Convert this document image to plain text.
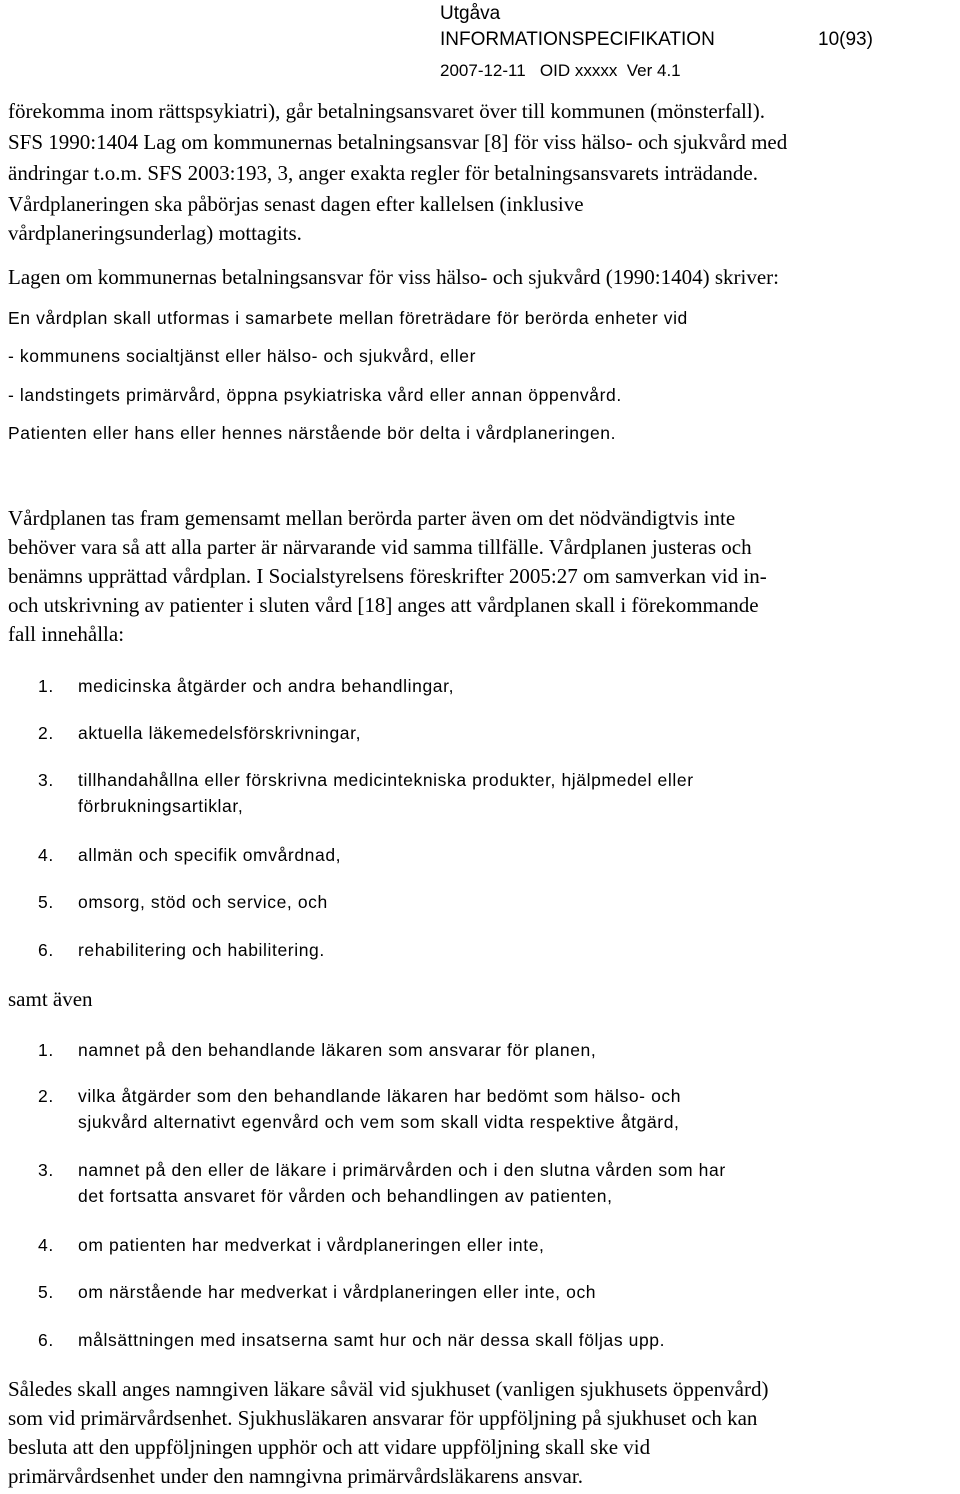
Utgåva
INFORMATIONSPECIFIKATION	10(93)
2007-12-11   OID xxxxx  Ver 4.1
förekomma inom rättspsykiatri), går betalningsansvaret över till kommunen (mönsterfall).
SFS 1990:1404 Lag om kommunernas betalningsansvar [8] för viss hälso- och sjukvård med
ändringar t.o.m. SFS 2003:193, 3, anger exakta regler för betalningsansvarets inträdande.
Vårdplaneringen ska påbörjas senast dagen efter kallelsen (inklusive
vårdplaneringsunderlag) mottagits.
Lagen om kommunernas betalningsansvar för viss hälso- och sjukvård (1990:1404) skriver:
En vårdplan skall utformas i samarbete mellan företrädare för berörda enheter vid
- kommunens socialtjänst eller hälso- och sjukvård, eller
- landstingets primärvård, öppna psykiatriska vård eller annan öppenvård.
Patienten eller hans eller hennes närstående bör delta i vårdplaneringen.
Vårdplanen tas fram gemensamt mellan berörda parter även om det nödvändigtvis inte
behöver vara så att alla parter är närvarande vid samma tillfälle. Vårdplanen justeras och
benämns upprättad vårdplan. I Socialstyrelsens föreskrifter 2005:27 om samverkan vid in-
och utskrivning av patienter i sluten vård [18] anges att vårdplanen skall i förekommande
fall innehålla:
1. medicinska åtgärder och andra behandlingar,
2. aktuella läkemedelsförskrivningar,
3. tillhandahållna eller förskrivna medicintekniska produkter, hjälpmedel eller
förbrukningsartiklar,
4. allmän och specifik omvårdnad,
5. omsorg, stöd och service, och
6. rehabilitering och habilitering.
samt även
1. namnet på den behandlande läkaren som ansvarar för planen,
2. vilka åtgärder som den behandlande läkaren har bedömt som hälso- och
sjukvård alternativt egenvård och vem som skall vidta respektive åtgärd,
3. namnet på den eller de läkare i primärvården och i den slutna vården som har
det fortsatta ansvaret för vården och behandlingen av patienten,
4. om patienten har medverkat i vårdplaneringen eller inte,
5. om närstående har medverkat i vårdplaneringen eller inte, och
6. målsättningen med insatserna samt hur och när dessa skall följas upp.
Således skall anges namngiven läkare såväl vid sjukhuset (vanligen sjukhusets öppenvård)
som vid primärvårdsenhet. Sjukhusläkaren ansvarar för uppföljning på sjukhuset och kan
besluta att den uppföljningen upphör och att vidare uppföljning skall ske vid
primärvårdsenhet under den namngivna primärvårdsläkarens ansvar.
